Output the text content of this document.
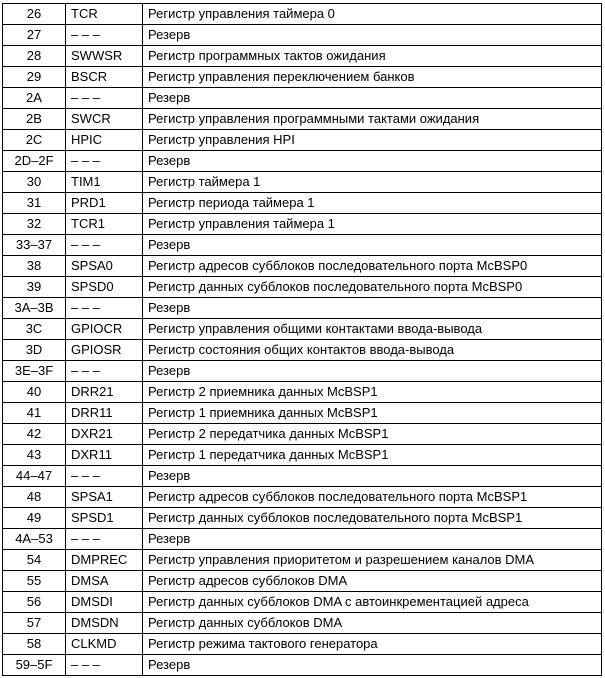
26	TCR	Регистр управления таймера 0
27	– – –	Резерв
28	SWWSR	Регистр программных тактов ожидания
29	BSCR	Регистр управления переключением банков
2A	– – –	Резерв
2B	SWCR	Регистр управления программными тактами ожидания
2C	HPIC	Регистр управления HPI
2D–2F	– – –	Резерв
30	TIM1	Регистр таймера 1
31	PRD1	Регистр периода таймера 1
32	TCR1	Регистр управления таймера 1
33–37	– – –	Резерв
38	SPSA0	Регистр адресов субблоков последовательного порта McBSP0
39	SPSD0	Регистр данных субблоков последовательного порта McBSP0
3A–3B	– – –	Резерв
3C	GPIOCR	Регистр управления общими контактами ввода-вывода
3D	GPIOSR	Регистр состояния общих контактов ввода-вывода
3E–3F	– – –	Резерв
40	DRR21	Регистр 2 приемника данных McBSP1
41	DRR11	Регистр 1 приемника данных McBSP1
42	DXR21	Регистр 2 передатчика данных McBSP1
43	DXR11	Регистр 1 передатчика данных McBSP1
44–47	– – –	Резерв
48	SPSA1	Регистр адресов субблоков последовательного порта McBSP1
49	SPSD1	Регистр данных субблоков последовательного порта McBSP1
4A–53	– – –	Резерв
54	DMPREC	Регистр управления приоритетом и разрешением каналов DMA
55	DMSA	Регистр адресов субблоков DMA
56	DMSDI	Регистр данных субблоков DMA с автоинкрементацией адреса
57	DMSDN	Регистр данных субблоков DMA
58	CLKMD	Регистр режима тактового генератора
59–5F	– – –	Резерв
